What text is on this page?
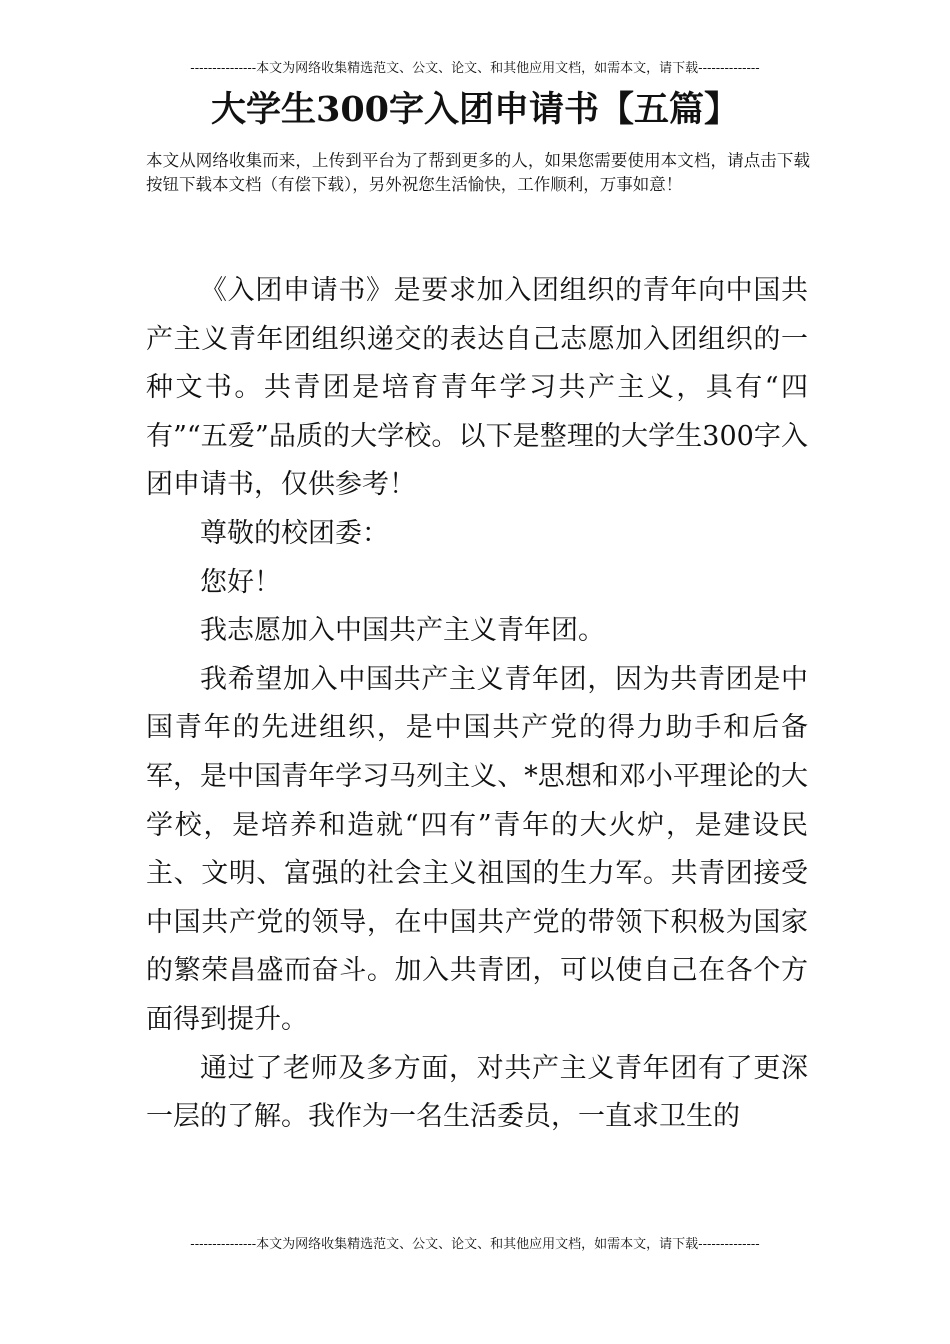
---------------本文为网络收集精选范文、公文、论文、和其他应用文档，如需本文，请下载--------------
大学生300字入团申请书【五篇】
本文从网络收集而来，上传到平台为了帮到更多的人，如果您需要使用本文档，请点击下载按钮下载本文档（有偿下载），另外祝您生活愉快，工作顺利，万事如意！

《入团申请书》是要求加入团组织的青年向中国共产主义青年团组织递交的表达自己志愿加入团组织的一种文书。共青团是培育青年学习共产主义，具有“四有”“五爱”品质的大学校。以下是整理的大学生300字入团申请书，仅供参考！

尊敬的校团委：

您好！

我志愿加入中国共产主义青年团。

我希望加入中国共产主义青年团，因为共青团是中国青年的先进组织，是中国共产党的得力助手和后备军，是中国青年学习马列主义、*思想和邓小平理论的大学校，是培养和造就“四有”青年的大火炉，是建设民主、文明、富强的社会主义祖国的生力军。共青团接受中国共产党的领导，在中国共产党的带领下积极为国家的繁荣昌盛而奋斗。加入共青团，可以使自己在各个方面得到提升。

通过了老师及多方面，对共产主义青年团有了更深一层的了解。我作为一名生活委员，一直求卫生的

---------------本文为网络收集精选范文、公文、论文、和其他应用文档，如需本文，请下载--------------
